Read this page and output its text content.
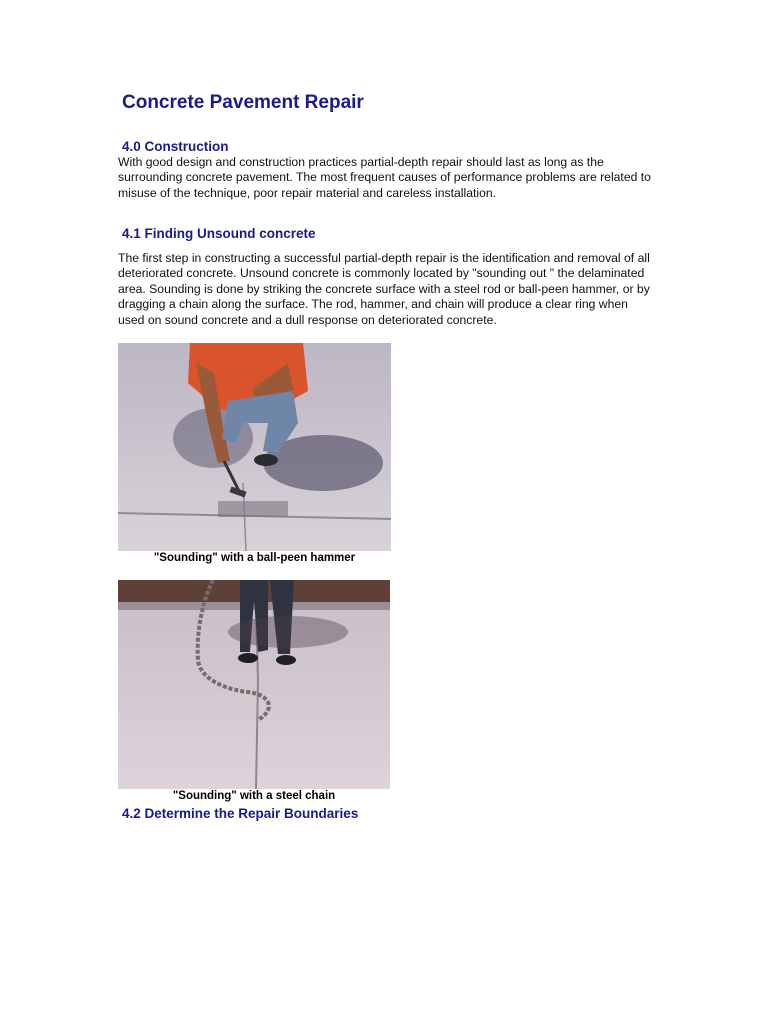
Concrete Pavement Repair
4.0 Construction

With good design and construction practices partial-depth repair should last as long as the surrounding concrete pavement. The most frequent causes of performance problems are related to misuse of the technique, poor repair material and careless installation.

4.1 Finding Unsound concrete

The first step in constructing a successful partial-depth repair is the identification and removal of all deteriorated concrete. Unsound concrete is commonly located by "sounding out " the delaminated area. Sounding is done by striking the concrete surface with a steel rod or ball-peen hammer, or by dragging a chain along the surface. The rod, hammer, and chain will produce a clear ring when used on sound concrete and a dull response on deteriorated concrete.

"Sounding" with a ball-peen hammer

"Sounding" with a steel chain

4.2 Determine the Repair Boundaries
